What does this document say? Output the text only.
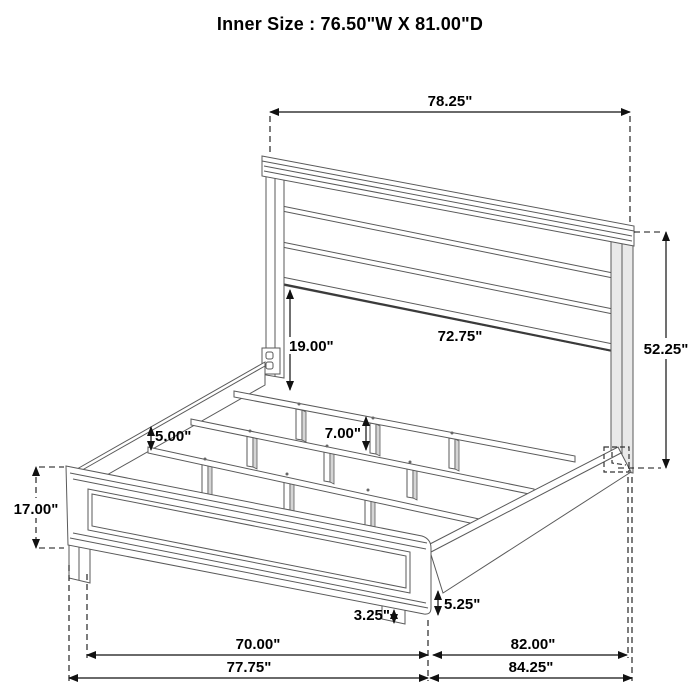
Inner Size : 76.50"W X 81.00"D
78.25"
52.25"
72.75"
19.00"
5.00"	7.00"
17.00"
3.25"
5.25"
70.00"
77.75"
82.00"
84.25"
